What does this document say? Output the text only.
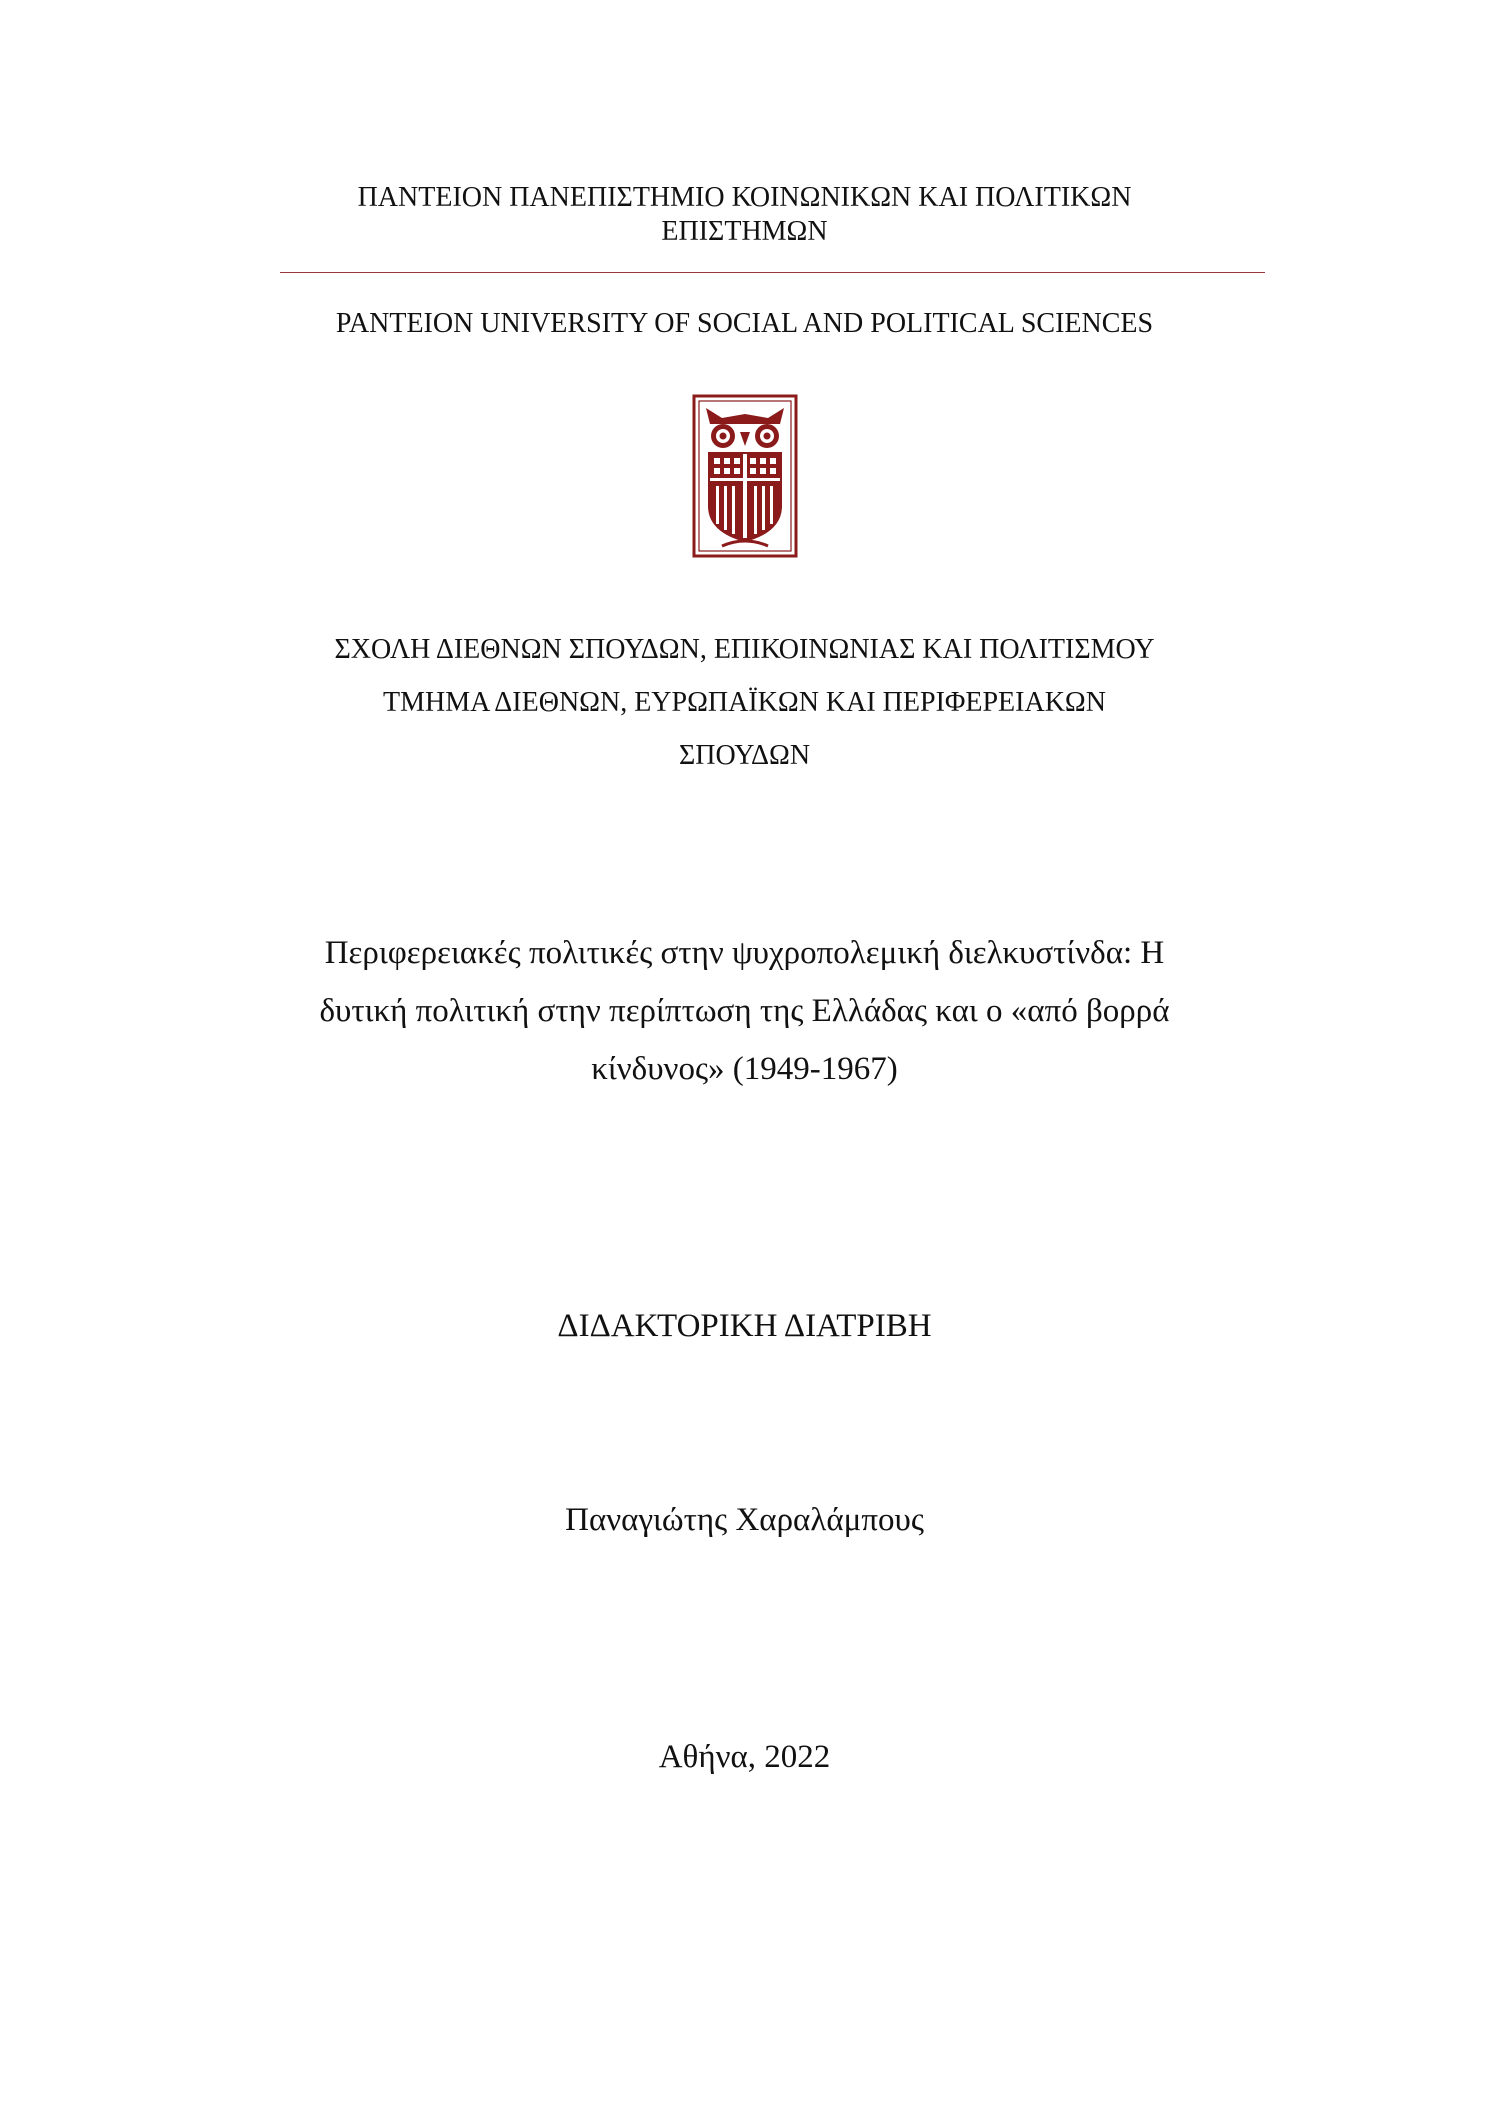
ΠΑΝΤΕΙΟΝ ΠΑΝΕΠΙΣΤΗΜΙΟ ΚΟΙΝΩΝΙΚΩΝ ΚΑΙ ΠΟΛΙΤΙΚΩΝ
ΕΠΙΣΤΗΜΩΝ
PANTEION UNIVERSITY OF SOCIAL AND POLITICAL SCIENCES
ΣΧΟΛΗ ΔΙΕΘΝΩΝ ΣΠΟΥΔΩΝ, ΕΠΙΚΟΙΝΩΝΙΑΣ ΚΑΙ ΠΟΛΙΤΙΣΜΟΥ
ΤΜΗΜΑ ΔΙΕΘΝΩΝ, ΕΥΡΩΠΑΪΚΩΝ ΚΑΙ ΠΕΡΙΦΕΡΕΙΑΚΩΝ
ΣΠΟΥΔΩΝ
Περιφερειακές πολιτικές στην ψυχροπολεμική διελκυστίνδα: Η
δυτική πολιτική στην περίπτωση της Ελλάδας και ο «από βορρά
κίνδυνος» (1949-1967)
ΔΙΔΑΚΤΟΡΙΚΗ ΔΙΑΤΡΙΒΗ
Παναγιώτης Χαραλάμπους
Αθήνα, 2022
